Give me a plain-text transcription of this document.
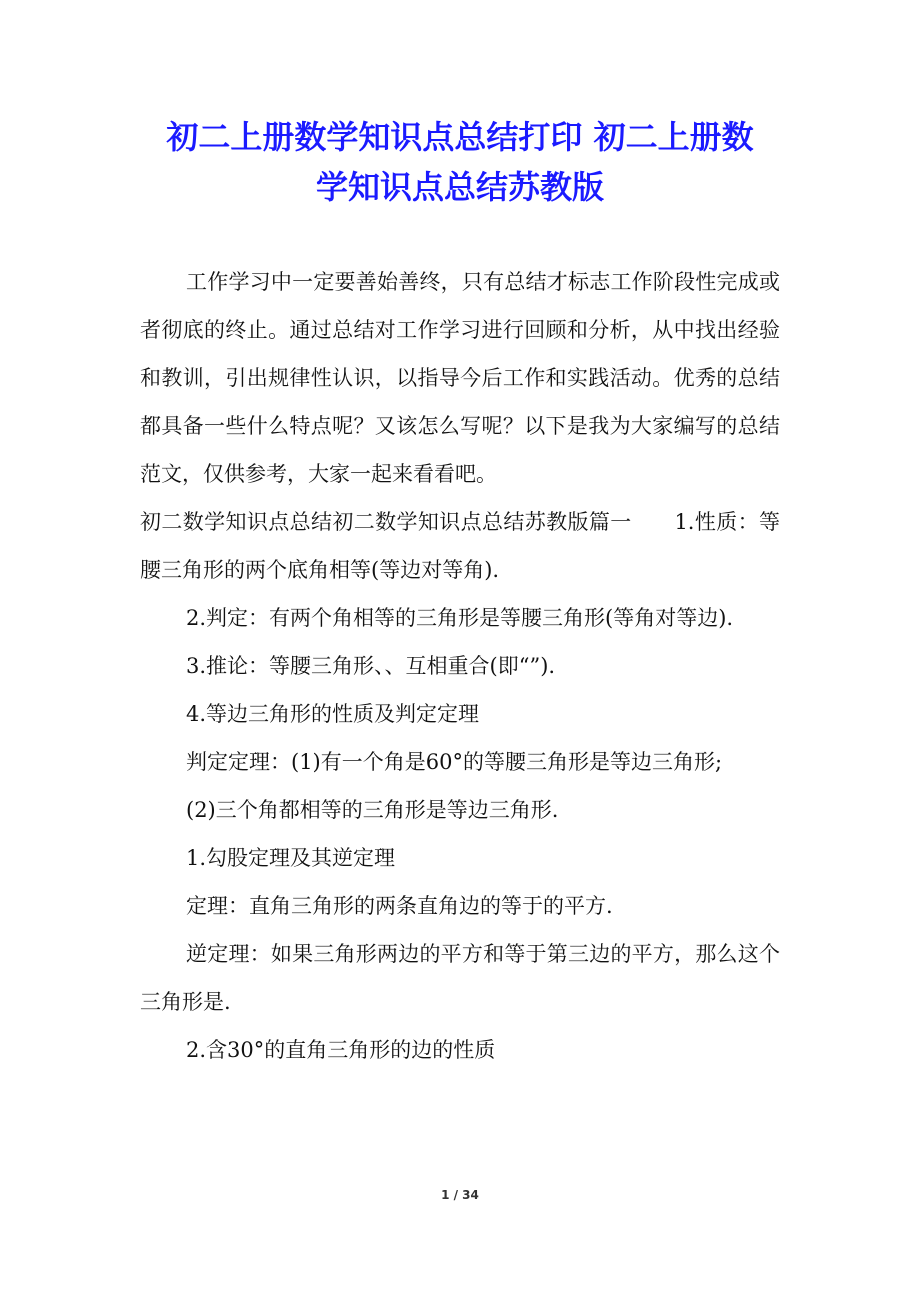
初二上册数学知识点总结打印 初二上册数
学知识点总结苏教版

工作学习中一定要善始善终，只有总结才标志工作阶段性完成或者彻底的终止。通过总结对工作学习进行回顾和分析，从中找出经验和教训，引出规律性认识，以指导今后工作和实践活动。优秀的总结都具备一些什么特点呢？又该怎么写呢？以下是我为大家编写的总结范文，仅供参考，大家一起来看看吧。

初二数学知识点总结初二数学知识点总结苏教版篇一　　1.性质：等腰三角形的两个底角相等(等边对等角).

2.判定：有两个角相等的三角形是等腰三角形(等角对等边).

3.推论：等腰三角形、、互相重合(即“”).

4.等边三角形的性质及判定定理

判定定理：(1)有一个角是60°的等腰三角形是等边三角形;

(2)三个角都相等的三角形是等边三角形.

1.勾股定理及其逆定理

定理：直角三角形的两条直角边的等于的平方.

逆定理：如果三角形两边的平方和等于第三边的平方，那么这个三角形是.

2.含30°的直角三角形的边的性质

1 / 34
